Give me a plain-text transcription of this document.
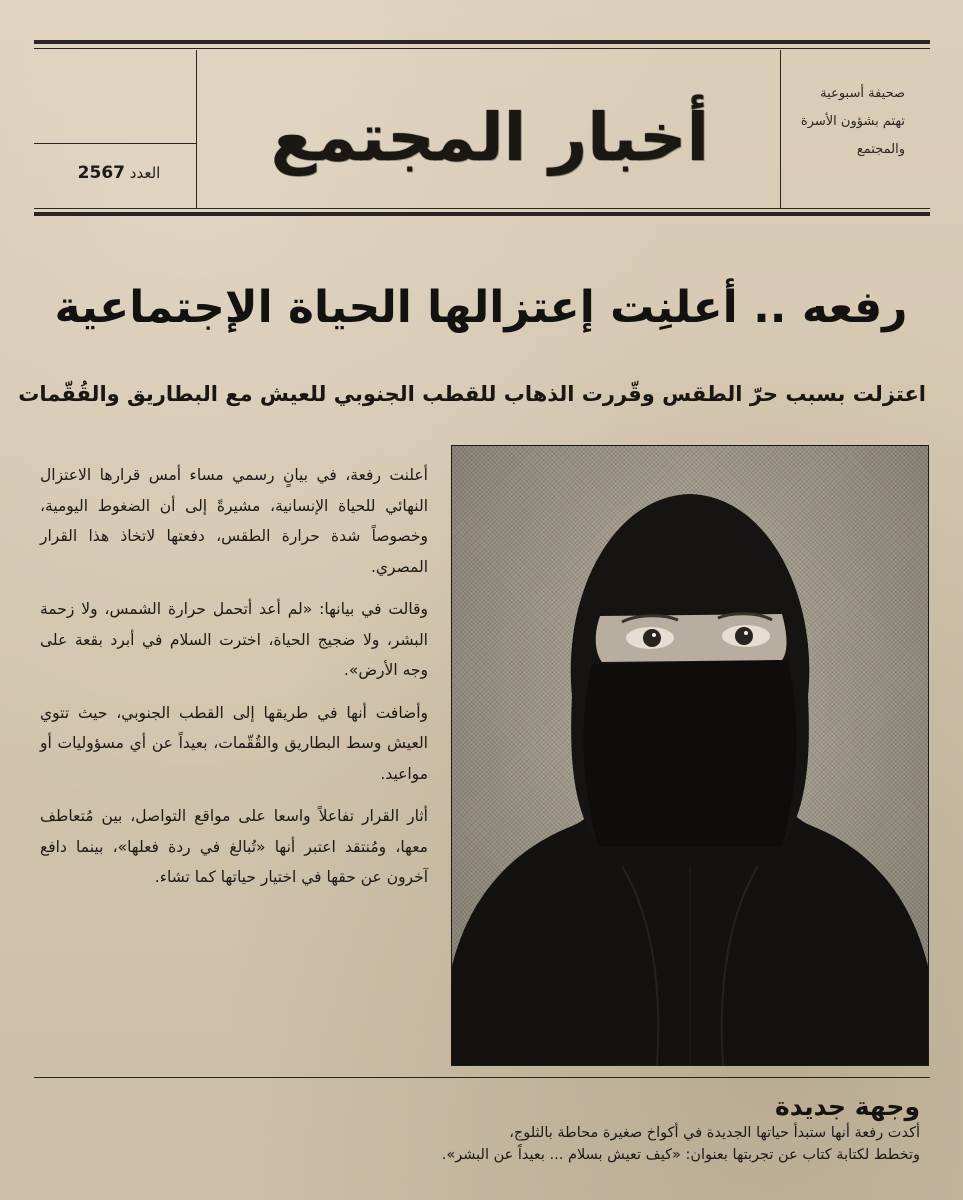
صحيفة أسبوعية
تهتم بشؤون الأسرة
والمجتمع
أخبار المجتمع
العدد 2567
رفعه .. أعلنِت إعتزالها الحياة الإجتماعية
اعتزلت بسبب حرّ الطقس وقّررت الذهاب للقطب الجنوبي للعيش مع البطاريق والقُقّمات

أعلنت رفعة، في بيانٍ رسمي مساء أمس قرارها الاعتزال النهائي للحياة الإنسانية، مشيرةً إلى أن الضغوط اليومية، وخصوصاً شدة حرارة الطقس، دفعتها لاتخاذ هذا القرار المصري.

وقالت في بيانها: «لم أعد أتحمل حرارة الشمس، ولا زحمة البشر، ولا ضجيج الحياة، اخترت السلام في أبرد بقعة على وجه الأرض».

وأضافت أنها في طريقها إلى القطب الجنوبي، حيث تتوي العيش وسط البطاريق والقُقّمات، بعيداً عن أي مسؤوليات أو مواعيد.

أثار القرار تفاعلاً واسعا على مواقع التواصل، بين مُتعاطف معها، ومُنتقد اعتبر أنها «تُبالغ في ردة فعلها»، بينما دافع آخرون عن حقها في اختيار حياتها كما تشاء.

وجهة جديدة
أكدت رفعة أنها ستبدأ حياتها الجديدة في أكواخ صغيرة محاطة بالثلوج،
وتخطط لكتابة كتاب عن تجربتها بعنوان: «كيف تعيش بسلام ... بعيداً عن البشر».
